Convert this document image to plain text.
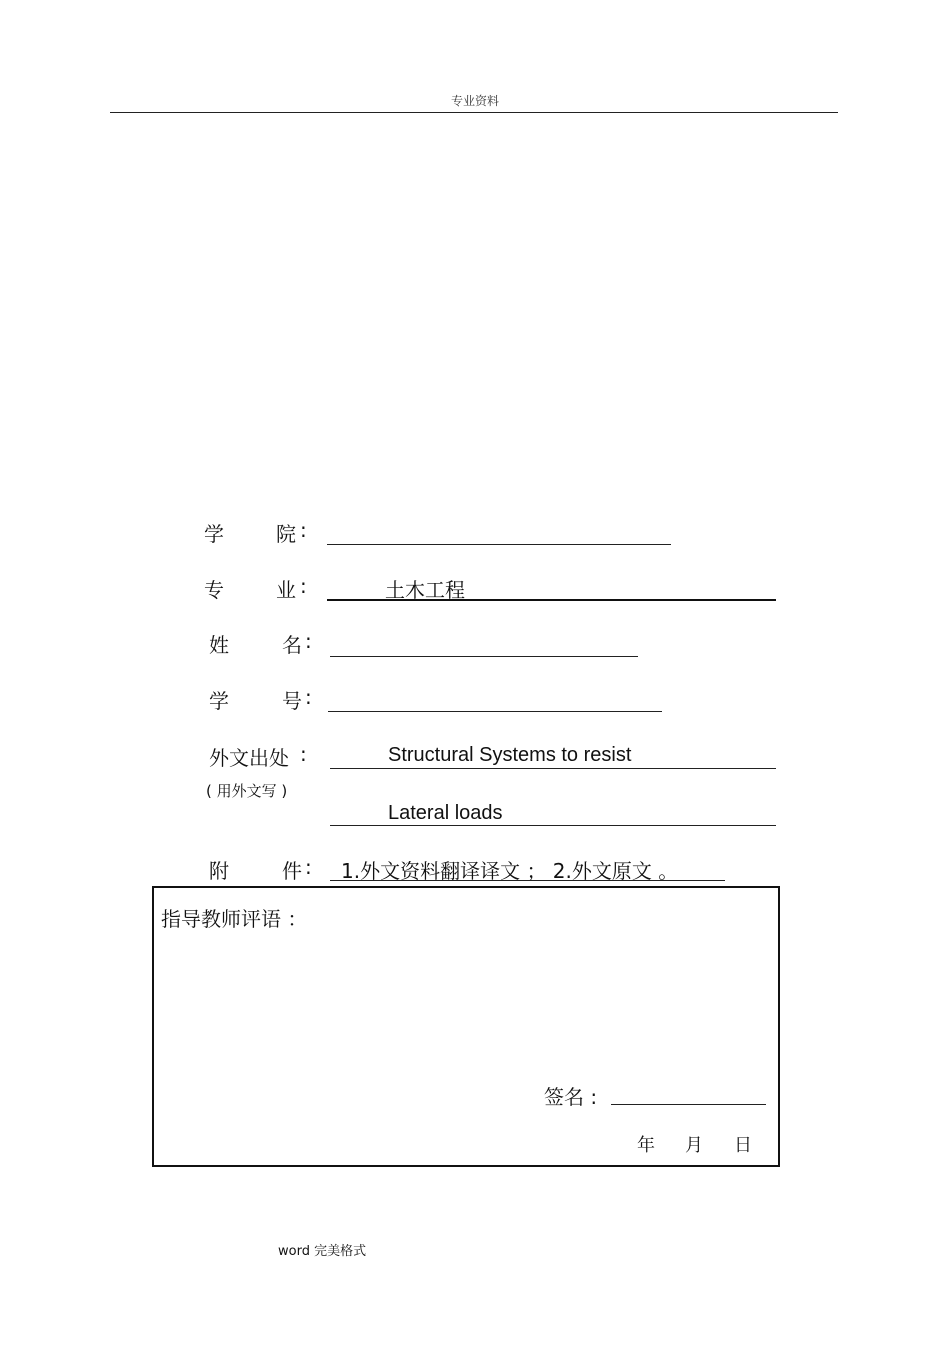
专业资料
学	院 :
专	业 :	土木工程
姓	名 :
学	号 :
外文出处 :	Structural Systems to resist
( 用外文写 )
Lateral loads
附	件 : 1.外文资料翻译译文 ； 2.外文原文 。
指导教师评语 ：
签名 :
年 月 日
word 完美格式
